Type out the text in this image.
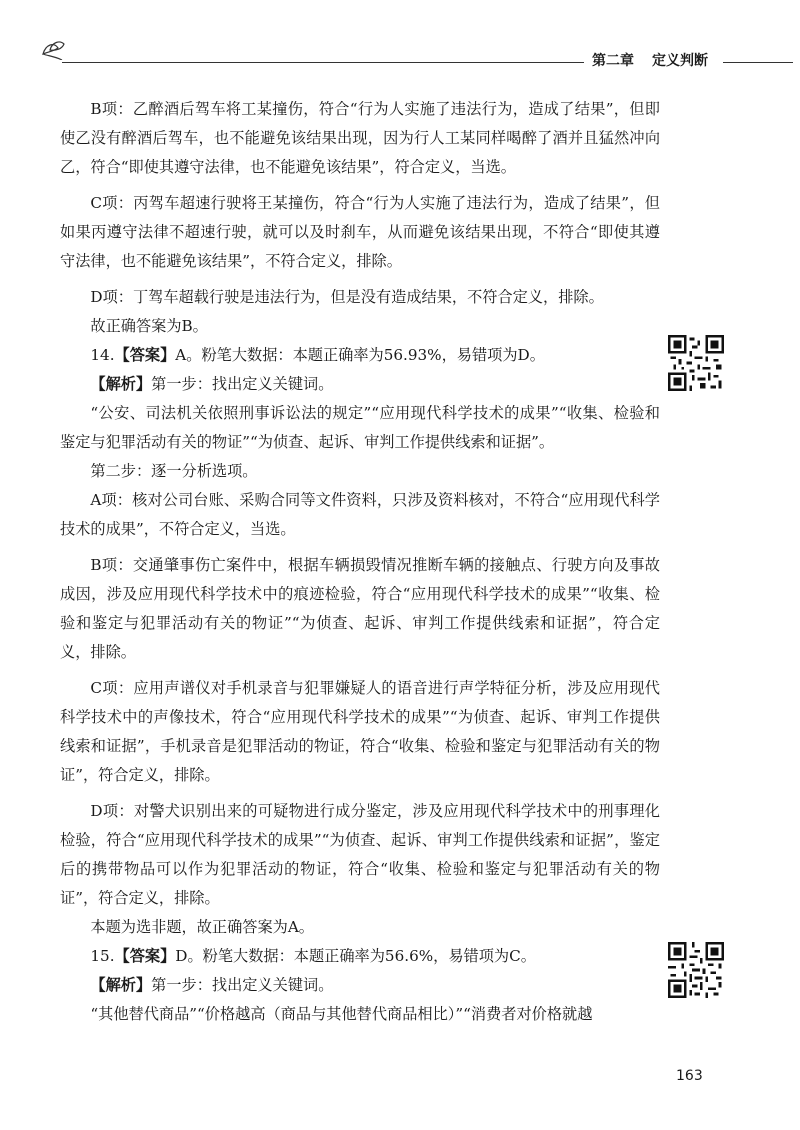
第二章 定义判断

B项：乙醉酒后驾车将工某撞伤，符合“行为人实施了违法行为，造成了结果”，但即使乙没有醉酒后驾车，也不能避免该结果出现，因为行人工某同样喝醉了酒并且猛然冲向乙，符合“即使其遵守法律，也不能避免该结果”，符合定义，当选。

C项：丙驾车超速行驶将王某撞伤，符合“行为人实施了违法行为，造成了结果”，但如果丙遵守法律不超速行驶，就可以及时刹车，从而避免该结果出现，不符合“即使其遵守法律，也不能避免该结果”，不符合定义，排除。

D项：丁驾车超载行驶是违法行为，但是没有造成结果，不符合定义，排除。

故正确答案为B。

14.【答案】A。粉笔大数据：本题正确率为56.93%，易错项为D。

【解析】第一步：找出定义关键词。

“公安、司法机关依照刑事诉讼法的规定”“应用现代科学技术的成果”“收集、检验和鉴定与犯罪活动有关的物证”“为侦查、起诉、审判工作提供线索和证据”。

第二步：逐一分析选项。

A项：核对公司台账、采购合同等文件资料，只涉及资料核对，不符合“应用现代科学技术的成果”，不符合定义，当选。

B项：交通肇事伤亡案件中，根据车辆损毁情况推断车辆的接触点、行驶方向及事故成因，涉及应用现代科学技术中的痕迹检验，符合“应用现代科学技术的成果”“收集、检验和鉴定与犯罪活动有关的物证”“为侦查、起诉、审判工作提供线索和证据”，符合定义，排除。

C项：应用声谱仪对手机录音与犯罪嫌疑人的语音进行声学特征分析，涉及应用现代科学技术中的声像技术，符合“应用现代科学技术的成果”“为侦查、起诉、审判工作提供线索和证据”，手机录音是犯罪活动的物证，符合“收集、检验和鉴定与犯罪活动有关的物证”，符合定义，排除。

D项：对警犬识别出来的可疑物进行成分鉴定，涉及应用现代科学技术中的刑事理化检验，符合“应用现代科学技术的成果”“为侦查、起诉、审判工作提供线索和证据”，鉴定后的携带物品可以作为犯罪活动的物证，符合“收集、检验和鉴定与犯罪活动有关的物证”，符合定义，排除。

本题为选非题，故正确答案为A。

15.【答案】D。粉笔大数据：本题正确率为56.6%，易错项为C。

【解析】第一步：找出定义关键词。

“其他替代商品”“价格越高（商品与其他替代商品相比）”“消费者对价格就越

163
